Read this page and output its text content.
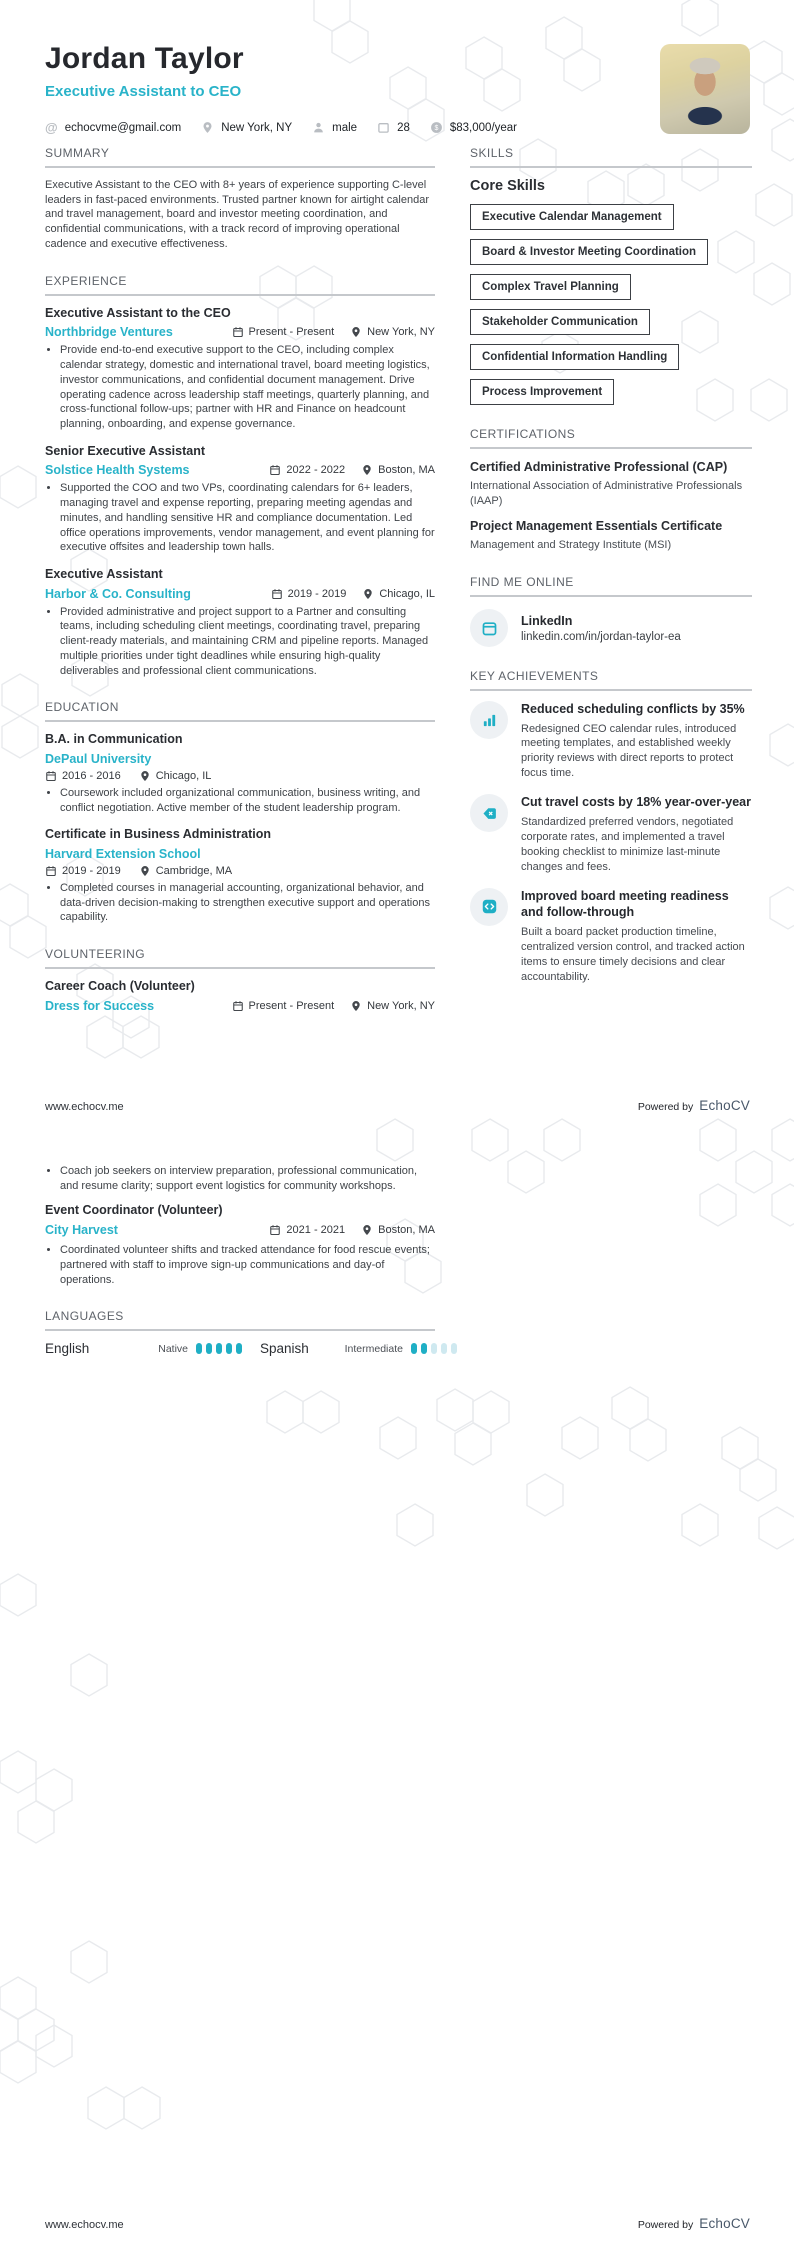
Jordan Taylor
Executive Assistant to CEO
@ echocvme@gmail.com	New York, NY	male	28 $ $83,000/year
SUMMARY
Executive Assistant to the CEO with 8+ years of experience supporting C-level leaders in fast-paced environments. Trusted partner known for airtight calendar and travel management, board and investor meeting coordination, and confidential communications, with a track record of improving operational cadence and executive effectiveness.
EXPERIENCE
Executive Assistant to the CEO
Northbridge Ventures	Present - Present	New York, NY
• Provide end-to-end executive support to the CEO, including complex calendar strategy, domestic and international travel, board meeting logistics, investor communications, and confidential document management. Drive operating cadence across leadership staff meetings, quarterly planning, and cross-functional follow-ups; partner with HR and Finance on headcount planning, onboarding, and expense governance.
Senior Executive Assistant
Solstice Health Systems	2022 - 2022	Boston, MA
• Supported the COO and two VPs, coordinating calendars for 6+ leaders, managing travel and expense reporting, preparing meeting agendas and minutes, and handling sensitive HR and compliance documentation. Led office operations improvements, vendor management, and event planning for executive offsites and leadership town halls.
Executive Assistant
Harbor & Co. Consulting	2019 - 2019	Chicago, IL
• Provided administrative and project support to a Partner and consulting teams, including scheduling client meetings, coordinating travel, preparing client-ready materials, and maintaining CRM and pipeline reports. Managed multiple priorities under tight deadlines while ensuring high-quality deliverables and professional client communications.
EDUCATION
B.A. in Communication
DePaul University
2016 - 2016	Chicago, IL
• Coursework included organizational communication, business writing, and conflict negotiation. Active member of the student leadership program.
Certificate in Business Administration
Harvard Extension School
2019 - 2019	Cambridge, MA
• Completed courses in managerial accounting, organizational behavior, and data-driven decision-making to strengthen executive support and operations capability.
VOLUNTEERING
Career Coach (Volunteer)
Dress for Success	Present - Present	New York, NY
SKILLS
Core Skills
Executive Calendar Management
Board & Investor Meeting Coordination
Complex Travel Planning
Stakeholder Communication
Confidential Information Handling
Process Improvement
CERTIFICATIONS
Certified Administrative Professional (CAP)
International Association of Administrative Professionals (IAAP)
Project Management Essentials Certificate
Management and Strategy Institute (MSI)
FIND ME ONLINE
LinkedIn
linkedin.com/in/jordan-taylor-ea
KEY ACHIEVEMENTS
Reduced scheduling conflicts by 35%
Redesigned CEO calendar rules, introduced meeting templates, and established weekly priority reviews with direct reports to protect focus time.
Cut travel costs by 18% year-over-year
Standardized preferred vendors, negotiated corporate rates, and implemented a travel booking checklist to minimize last-minute changes and fees.
Improved board meeting readiness and follow-through
Built a board packet production timeline, centralized version control, and tracked action items to ensure timely decisions and clear accountability.
www.echocv.me	Powered by EchoCV
• Coach job seekers on interview preparation, professional communication, and resume clarity; support event logistics for community workshops.
Event Coordinator (Volunteer)
City Harvest	2021 - 2021	Boston, MA
• Coordinated volunteer shifts and tracked attendance for food rescue events; partnered with staff to improve sign-up communications and day-of operations.
LANGUAGES
English	Native	Spanish	Intermediate
www.echocv.me	Powered by EchoCV
